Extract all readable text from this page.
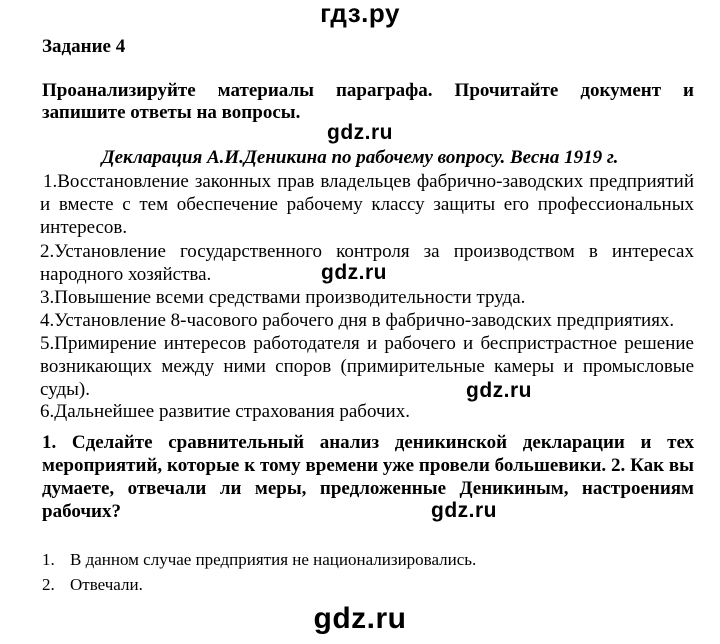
гдз.ру
Задание 4
Проанализируйте материалы параграфа. Прочитайте документ и запишите ответы на вопросы.
gdz.ru
Декларация А.И.Деникина по рабочему вопросу. Весна 1919 г.
1.Восстановление законных прав владельцев фабрично-заводских предприятий и вместе с тем обеспечение рабочему классу защиты его профессиональных интересов.
2.Установление государственного контроля за производством в интересах народного хозяйства.	gdz.ru
3.Повышение всеми средствами производительности труда.
4.Установление 8-часового рабочего дня в фабрично-заводских предприятиях.
5.Примирение интересов работодателя и рабочего и беспристрастное решение возникающих между ними споров (примирительные камеры и промысловые суды).	gdz.ru
6.Дальнейшее развитие страхования рабочих.
1. Сделайте сравнительный анализ деникинской декларации и тех мероприятий, которые к тому времени уже провели большевики. 2. Как вы думаете, отвечали ли меры, предложенные Деникиным, настроениям рабочих?	gdz.ru
1. В данном случае предприятия не национализировались.
2. Отвечали.
gdz.ru
